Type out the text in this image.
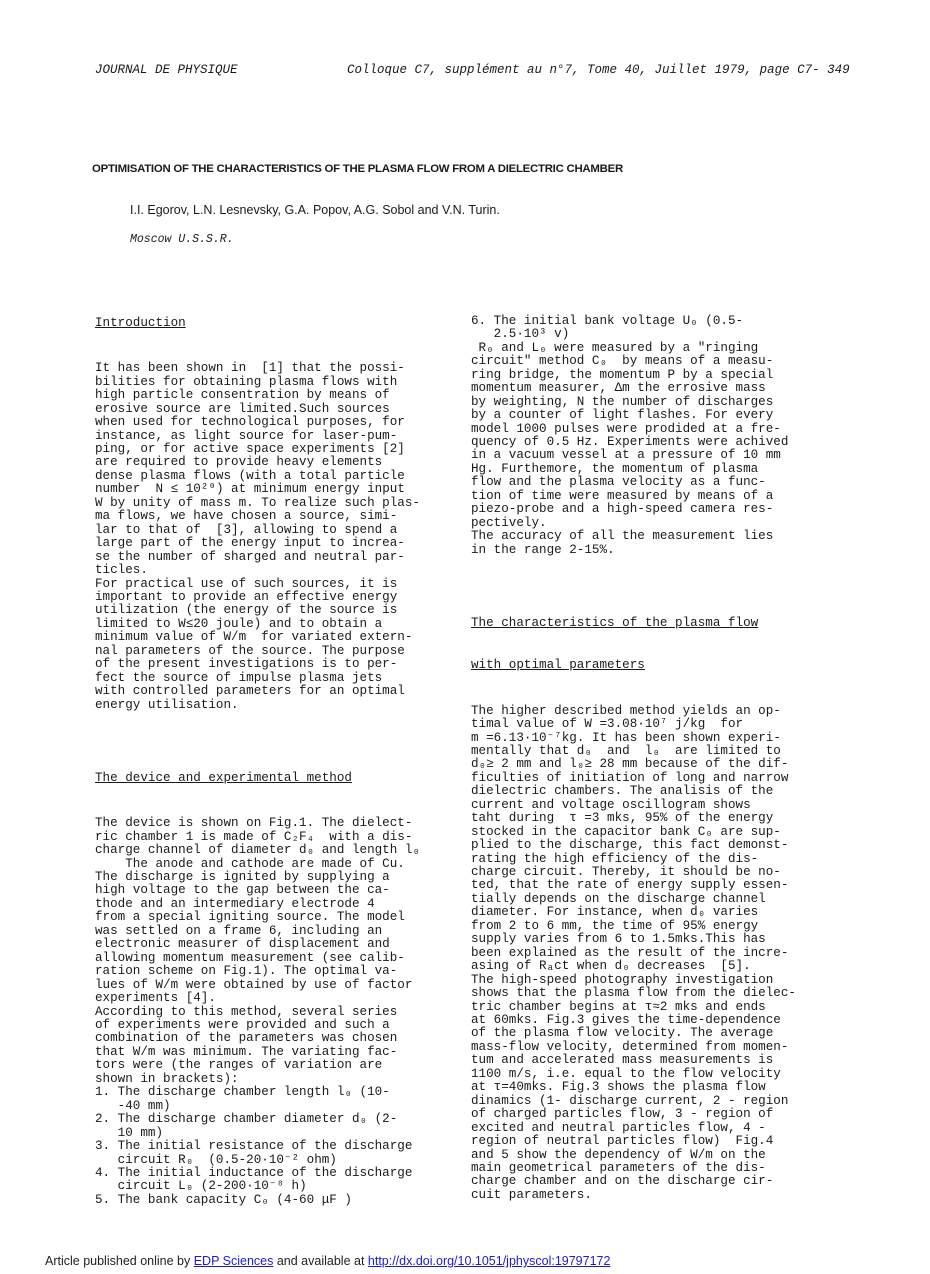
JOURNAL DE PHYSIQUE	Colloque C7, supplément au n°7, Tome 40, Juillet 1979, page C7- 349
OPTIMISATION OF THE CHARACTERISTICS OF THE PLASMA FLOW FROM A DIELECTRIC CHAMBER
I.I. Egorov, L.N. Lesnevsky, G.A. Popov, A.G. Sobol and V.N. Turin.
Moscow U.S.S.R.

Introduction

It has been shown in  [1] that the possi-
bilities for obtaining plasma flows with
high particle consentration by means of
erosive source are limited.Such sources
when used for technological purposes, for
instance, as light source for laser-pum-
ping, or for active space experiments [2]
are required to provide heavy elements
dense plasma flows (with a total particle
number  N ≤ 10²⁰) at minimum energy input
W by unity of mass m. To realize such plas-
ma flows, we have chosen a source, simi-
lar to that of  [3], allowing to spend a
large part of the energy input to increa-
se the number of sharged and neutral par-
ticles.
For practical use of such sources, it is
important to provide an effective energy
utilization (the energy of the source is
limited to W≤20 joule) and to obtain a
minimum value of W/m  for variated extern-
nal parameters of the source. The purpose
of the present investigations is to per-
fect the source of impulse plasma jets
with controlled parameters for an optimal
energy utilisation.

The device and experimental method

The device is shown on Fig.1. The dielect-
ric chamber 1 is made of C₂F₄  with a dis-
charge channel of diameter d₀ and length l₀
The anode and cathode are made of Cu.
The discharge is ignited by supplying a
high voltage to the gap between the ca-
thode and an intermediary electrode 4
from a special igniting source. The model
was settled on a frame 6, including an
electronic measurer of displacement and
allowing momentum measurement (see calib-
ration scheme on Fig.1). The optimal va-
lues of W/m were obtained by use of factor
experiments [4].
According to this method, several series
of experiments were provided and such a
combination of the parameters was chosen
that W/m was minimum. The variating fac-
tors were (the ranges of variation are
shown in brackets):
1. The discharge chamber length l₀ (10-
-40 mm)
2. The discharge chamber diameter d₀ (2-
10 mm)
3. The initial resistance of the discharge
circuit R₀  (0.5-20·10⁻² ohm)
4. The initial inductance of the discharge
circuit L₀ (2-200·10⁻⁸ h)
5. The bank capacity C₀ (4-60 μF )

6. The initial bank voltage U₀ (0.5-
2.5·10³ v)
R₀ and L₀ were measured by a "ringing
circuit" method C₀  by means of a measu-
ring bridge, the momentum P by a special
momentum measurer, Δm the errosive mass
by weighting, N the number of discharges
by a counter of light flashes. For every
model 1000 pulses were prodided at a fre-
quency of 0.5 Hz. Experiments were achived
in a vacuum vessel at a pressure of 10 mm
Hg. Furthemore, the momentum of plasma
flow and the plasma velocity as a func-
tion of time were measured by means of a
piezo-probe and a high-speed camera res-
pectively.
The accuracy of all the measurement lies
in the range 2-15%.

The characteristics of the plasma flow

with optimal parameters

The higher described method yields an op-
timal value of W =3.08·10⁷ j/kg  for
m =6.13·10⁻⁷kg. It has been shown experi-
mentally that d₀  and  l₀  are limited to
d₀≥ 2 mm and l₀≥ 28 mm because of the dif-
ficulties of initiation of long and narrow
dielectric chambers. The analisis of the
current and voltage oscillogram shows
taht during  τ =3 mks, 95% of the energy
stocked in the capacitor bank C₀ are sup-
plied to the discharge, this fact demonst-
rating the high efficiency of the dis-
charge circuit. Thereby, it should be no-
ted, that the rate of energy supply essen-
tially depends on the discharge channel
diameter. For instance, when d₀ varies
from 2 to 6 mm, the time of 95% energy
supply varies from 6 to 1.5mks.This has
been explained as the result of the incre-
asing of Rₐct when d₀ decreases  [5].
The high-speed photography investigation
shows that the plasma flow from the dielec-
tric chamber begins at τ≈2 mks and ends
at 60mks. Fig.3 gives the time-dependence
of the plasma flow velocity. The average
mass-flow velocity, determined from momen-
tum and accelerated mass measurements is
1100 m/s, i.e. equal to the flow velocity
at τ=40mks. Fig.3 shows the plasma flow
dinamics (1- discharge current, 2 - region
of charged particles flow, 3 - region of
excited and neutral particles flow, 4 -
region of neutral particles flow)  Fig.4
and 5 show the dependency of W/m on the
main geometrical parameters of the dis-
charge chamber and on the discharge cir-
cuit parameters.

Article published online by EDP Sciences and available at http://dx.doi.org/10.1051/jphyscol:19797172
